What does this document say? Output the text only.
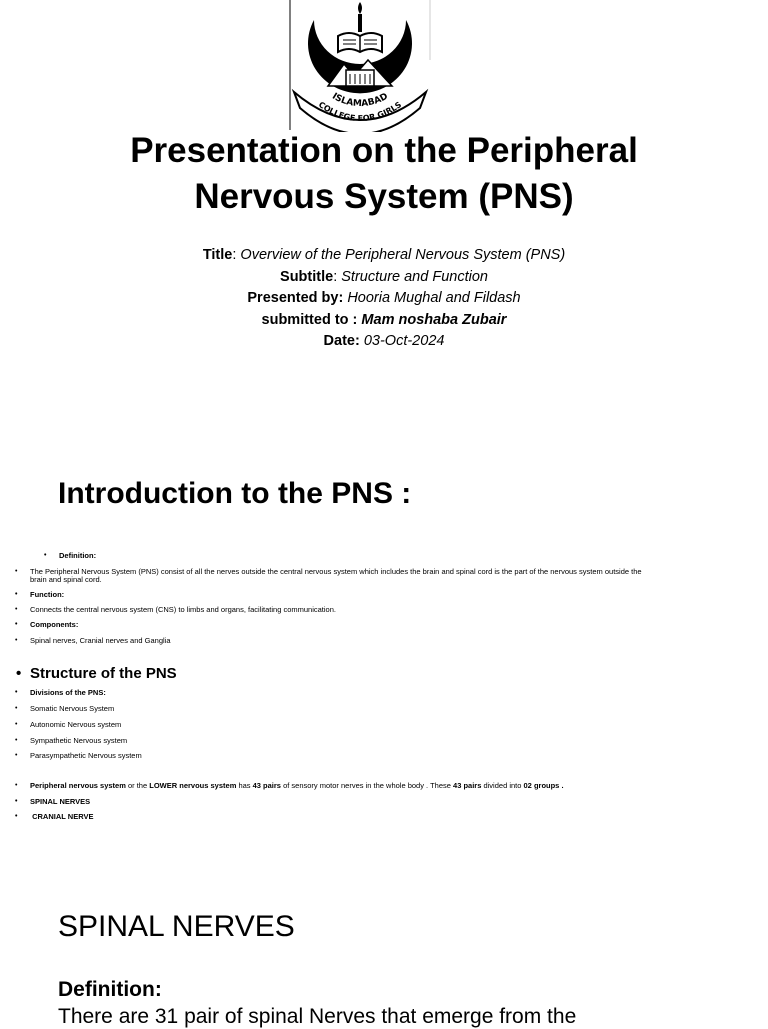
ISLAMABAD
COLLEGE FOR GIRLS
Presentation on the Peripheral Nervous System (PNS)
Title: Overview of the Peripheral Nervous System (PNS)
Subtitle: Structure and Function
Presented by: Hooria Mughal and Fildash
submitted to : Mam noshaba Zubair
Date: 03-Oct-2024
Introduction to the PNS :
• Definition:
• The Peripheral Nervous System (PNS) consist of all the nerves outside the central nervous system which includes the brain and spinal cord is the part of the nervous system outside the brain and spinal cord.
• Function:
• Connects the central nervous system (CNS) to limbs and organs, facilitating communication.
• Components:
• Spinal nerves, Cranial nerves and Ganglia
• Structure of the PNS
• Divisions of the PNS:
• Somatic Nervous System
• Autonomic Nervous system
• Sympathetic Nervous system
• Parasympathetic Nervous system
• Peripheral nervous system or the LOWER nervous system has 43 pairs of sensory motor nerves in the whole body . These 43 pairs divided into 02 groups .
• SPINAL NERVES
• CRANIAL NERVE
SPINAL NERVES
Definition:
There are 31 pair of spinal Nerves that emerge from the
